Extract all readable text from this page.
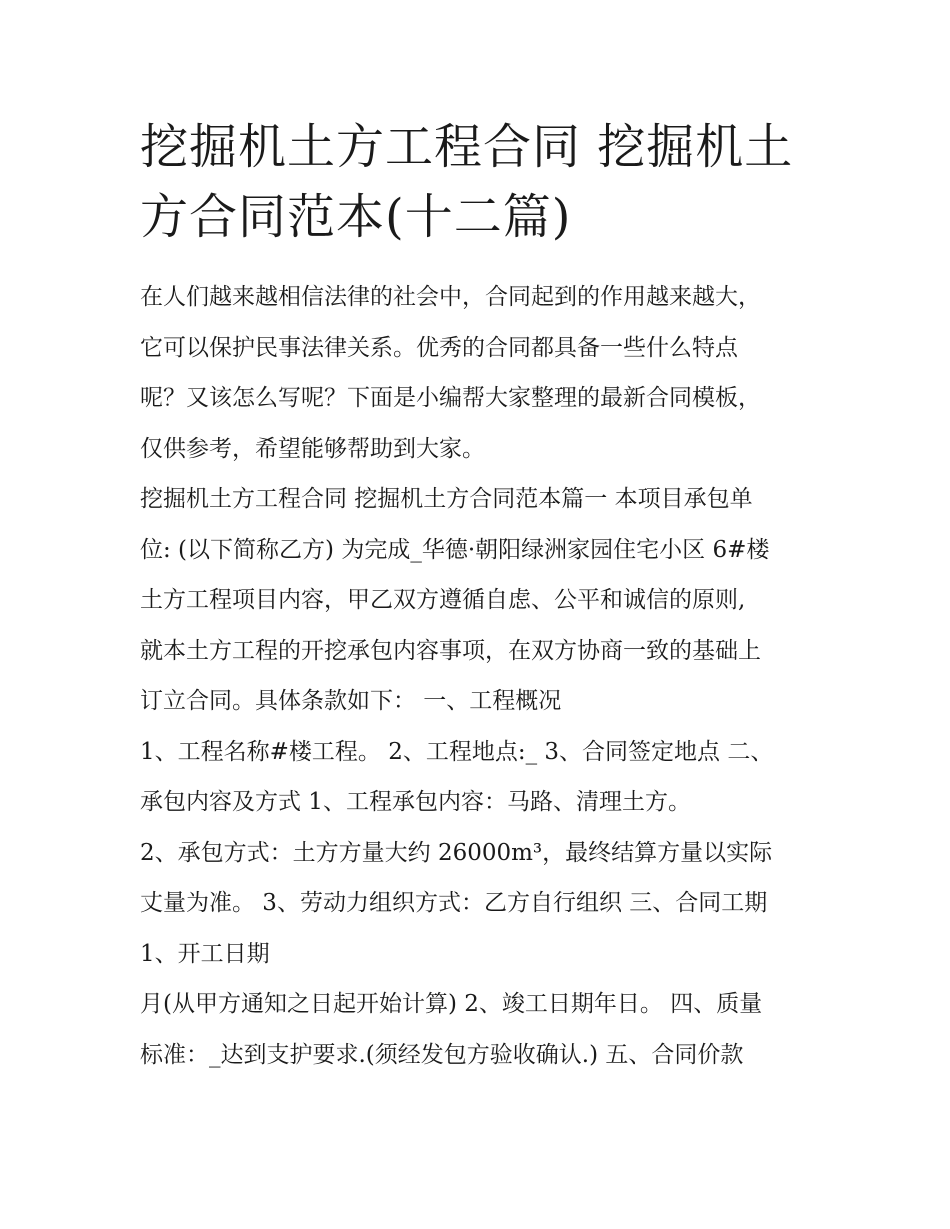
挖掘机土方工程合同 挖掘机土
方合同范本(十二篇)

在人们越来越相信法律的社会中，合同起到的作用越来越大，

它可以保护民事法律关系。优秀的合同都具备一些什么特点

呢？又该怎么写呢？下面是小编帮大家整理的最新合同模板，

仅供参考，希望能够帮助到大家。

挖掘机土方工程合同 挖掘机土方合同范本篇一 本项目承包单

位: (以下简称乙方) 为完成_华德·朝阳绿洲家园住宅小区 6#楼

土方工程项目内容，甲乙双方遵循自虑、公平和诚信的原则,

就本土方工程的开挖承包内容事项，在双方协商一致的基础上

订立合同。具体条款如下： 一、工程概况

1、工程名称#楼工程。 2、工程地点:_ 3、合同签定地点 二、

承包内容及方式 1、工程承包内容：马路、清理土方。

2、承包方式：土方方量大约 26000m³，最终结算方量以实际

丈量为准。 3、劳动力组织方式：乙方自行组织 三、合同工期

1、开工日期

月(从甲方通知之日起开始计算) 2、竣工日期年日。 四、质量

标准：_达到支护要求.(须经发包方验收确认.) 五、合同价款
